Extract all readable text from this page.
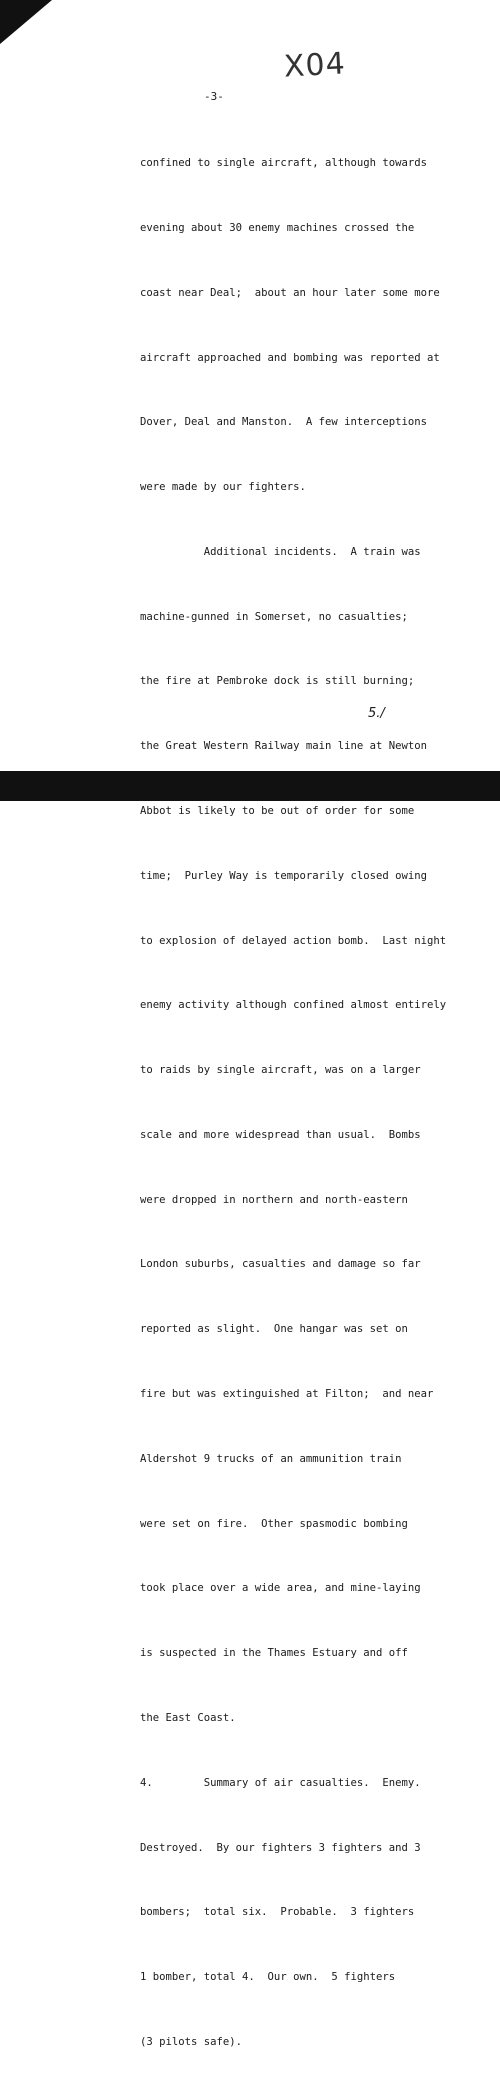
X04
-3-

confined to single aircraft, although towards

evening about 30 enemy machines crossed the

coast near Deal;  about an hour later some more

aircraft approached and bombing was reported at

Dover, Deal and Manston.  A few interceptions

were made by our fighters.

Additional incidents.  A train was

machine-gunned in Somerset, no casualties;

the fire at Pembroke dock is still burning;

the Great Western Railway main line at Newton

Abbot is likely to be out of order for some

time;  Purley Way is temporarily closed owing

to explosion of delayed action bomb.  Last night

enemy activity although confined almost entirely

to raids by single aircraft, was on a larger

scale and more widespread than usual.  Bombs

were dropped in northern and north-eastern

London suburbs, casualties and damage so far

reported as slight.  One hangar was set on

fire but was extinguished at Filton;  and near

Aldershot 9 trucks of an ammunition train

were set on fire.  Other spasmodic bombing

took place over a wide area, and mine-laying

is suspected in the Thames Estuary and off

the East Coast.

4.        Summary of air casualties.  Enemy.

Destroyed.  By our fighters 3 fighters and 3

bombers;  total six.  Probable.  3 fighters

1 bomber, total 4.  Our own.  5 fighters

(3 pilots safe).

5./
